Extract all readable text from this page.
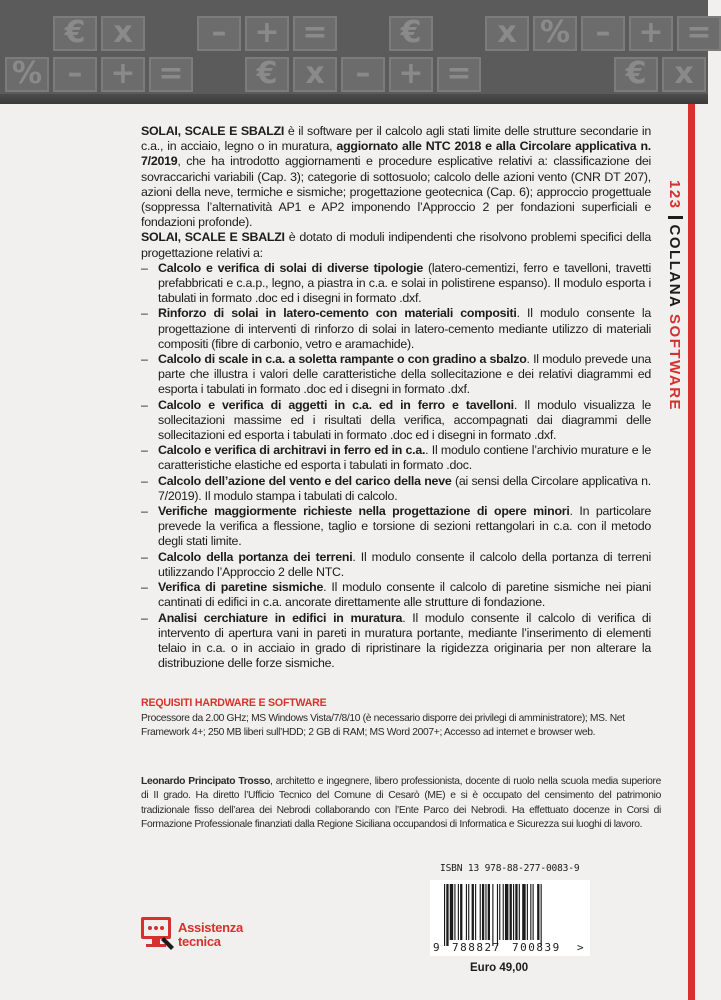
€ x	– + =	€	x % – + =
% – + =	€ x	– + =	€ x
123COLLANA SOFTWARE

SOLAI, SCALE E SBALZI è il software per il calcolo agli stati limite delle strutture secondarie in c.a., in acciaio, legno o in muratura, aggiornato alle NTC 2018 e alla Circolare applicativa n. 7/2019, che ha introdotto aggiornamenti e procedure esplicative relativi a: classificazione dei sovraccarichi variabili (Cap. 3); categorie di sottosuolo; calcolo delle azioni vento (CNR DT 207), azioni della neve, termiche e sismiche; progettazione geotecnica (Cap. 6); approccio progettuale (soppressa l’alternatività AP1 e AP2 imponendo l’Approccio 2 per fondazioni superficiali e fondazioni profonde).

SOLAI, SCALE E SBALZI è dotato di moduli indipendenti che risolvono problemi specifici della progettazione relativi a:

– Calcolo e verifica di solai di diverse tipologie (latero-cementizi, ferro e tavelloni, travetti prefabbricati e c.a.p., legno, a piastra in c.a. e solai in polistirene espanso). Il modulo esporta i tabulati in formato .doc ed i disegni in formato .dxf.
– Rinforzo di solai in latero-cemento con materiali compositi. Il modulo consente la progettazione di interventi di rinforzo di solai in latero-cemento mediante utilizzo di materiali compositi (fibre di carbonio, vetro e aramachide).
– Calcolo di scale in c.a. a soletta rampante o con gradino a sbalzo. Il modulo prevede una parte che illustra i valori delle caratteristiche della sollecitazione e dei relativi diagrammi ed esporta i tabulati in formato .doc ed i disegni in formato .dxf.
– Calcolo e verifica di aggetti in c.a. ed in ferro e tavelloni. Il modulo visualizza le sollecitazioni massime ed i risultati della verifica, accompagnati dai diagrammi delle sollecitazioni ed esporta i tabulati in formato .doc ed i disegni in formato .dxf.
– Calcolo e verifica di architravi in ferro ed in c.a.. Il modulo contiene l’archivio murature e le caratteristiche elastiche ed esporta i tabulati in formato .doc.
– Calcolo dell’azione del vento e del carico della neve (ai sensi della Circolare applicativa n. 7/2019). Il modulo stampa i tabulati di calcolo.
– Verifiche maggiormente richieste nella progettazione di opere minori. In particolare prevede la verifica a flessione, taglio e torsione di sezioni rettangolari in c.a. con il metodo degli stati limite.
– Calcolo della portanza dei terreni. Il modulo consente il calcolo della portanza di terreni utilizzando l’Approccio 2 delle NTC.
– Verifica di paretine sismiche. Il modulo consente il calcolo di paretine sismiche nei piani cantinati di edifici in c.a. ancorate direttamente alle strutture di fondazione.
– Analisi cerchiature in edifici in muratura. Il modulo consente il calcolo di verifica di intervento di apertura vani in pareti in muratura portante, mediante l’inserimento di elementi telaio in c.a. o in acciaio in grado di ripristinare la rigidezza originaria per non alterare la distribuzione delle forze sismiche.
REQUISITI HARDWARE E SOFTWARE
Processore da 2.00 GHz; MS Windows Vista/7/8/10 (è necessario disporre dei privilegi di amministratore); MS. Net Framework 4+; 250 MB liberi sull’HDD; 2 GB di RAM; MS Word 2007+; Accesso ad internet e browser web.
Leonardo Principato Trosso, architetto e ingegnere, libero professionista, docente di ruolo nella scuola media superiore di II grado. Ha diretto l’Ufficio Tecnico del Comune di Cesarò (ME) e si è occupato del censimento del patrimonio tradizionale fisso dell’area dei Nebrodi collaborando con l’Ente Parco dei Nebrodi. Ha effettuato docenze in Corsi di Formazione Professionale finanziati dalla Regione Siciliana occupandosi di Informatica e Sicurezza sui luoghi di lavoro.
Assistenza
tecnica
ISBN 13 978-88-277-0083-9
9 788827 700839 >
Euro 49,00
